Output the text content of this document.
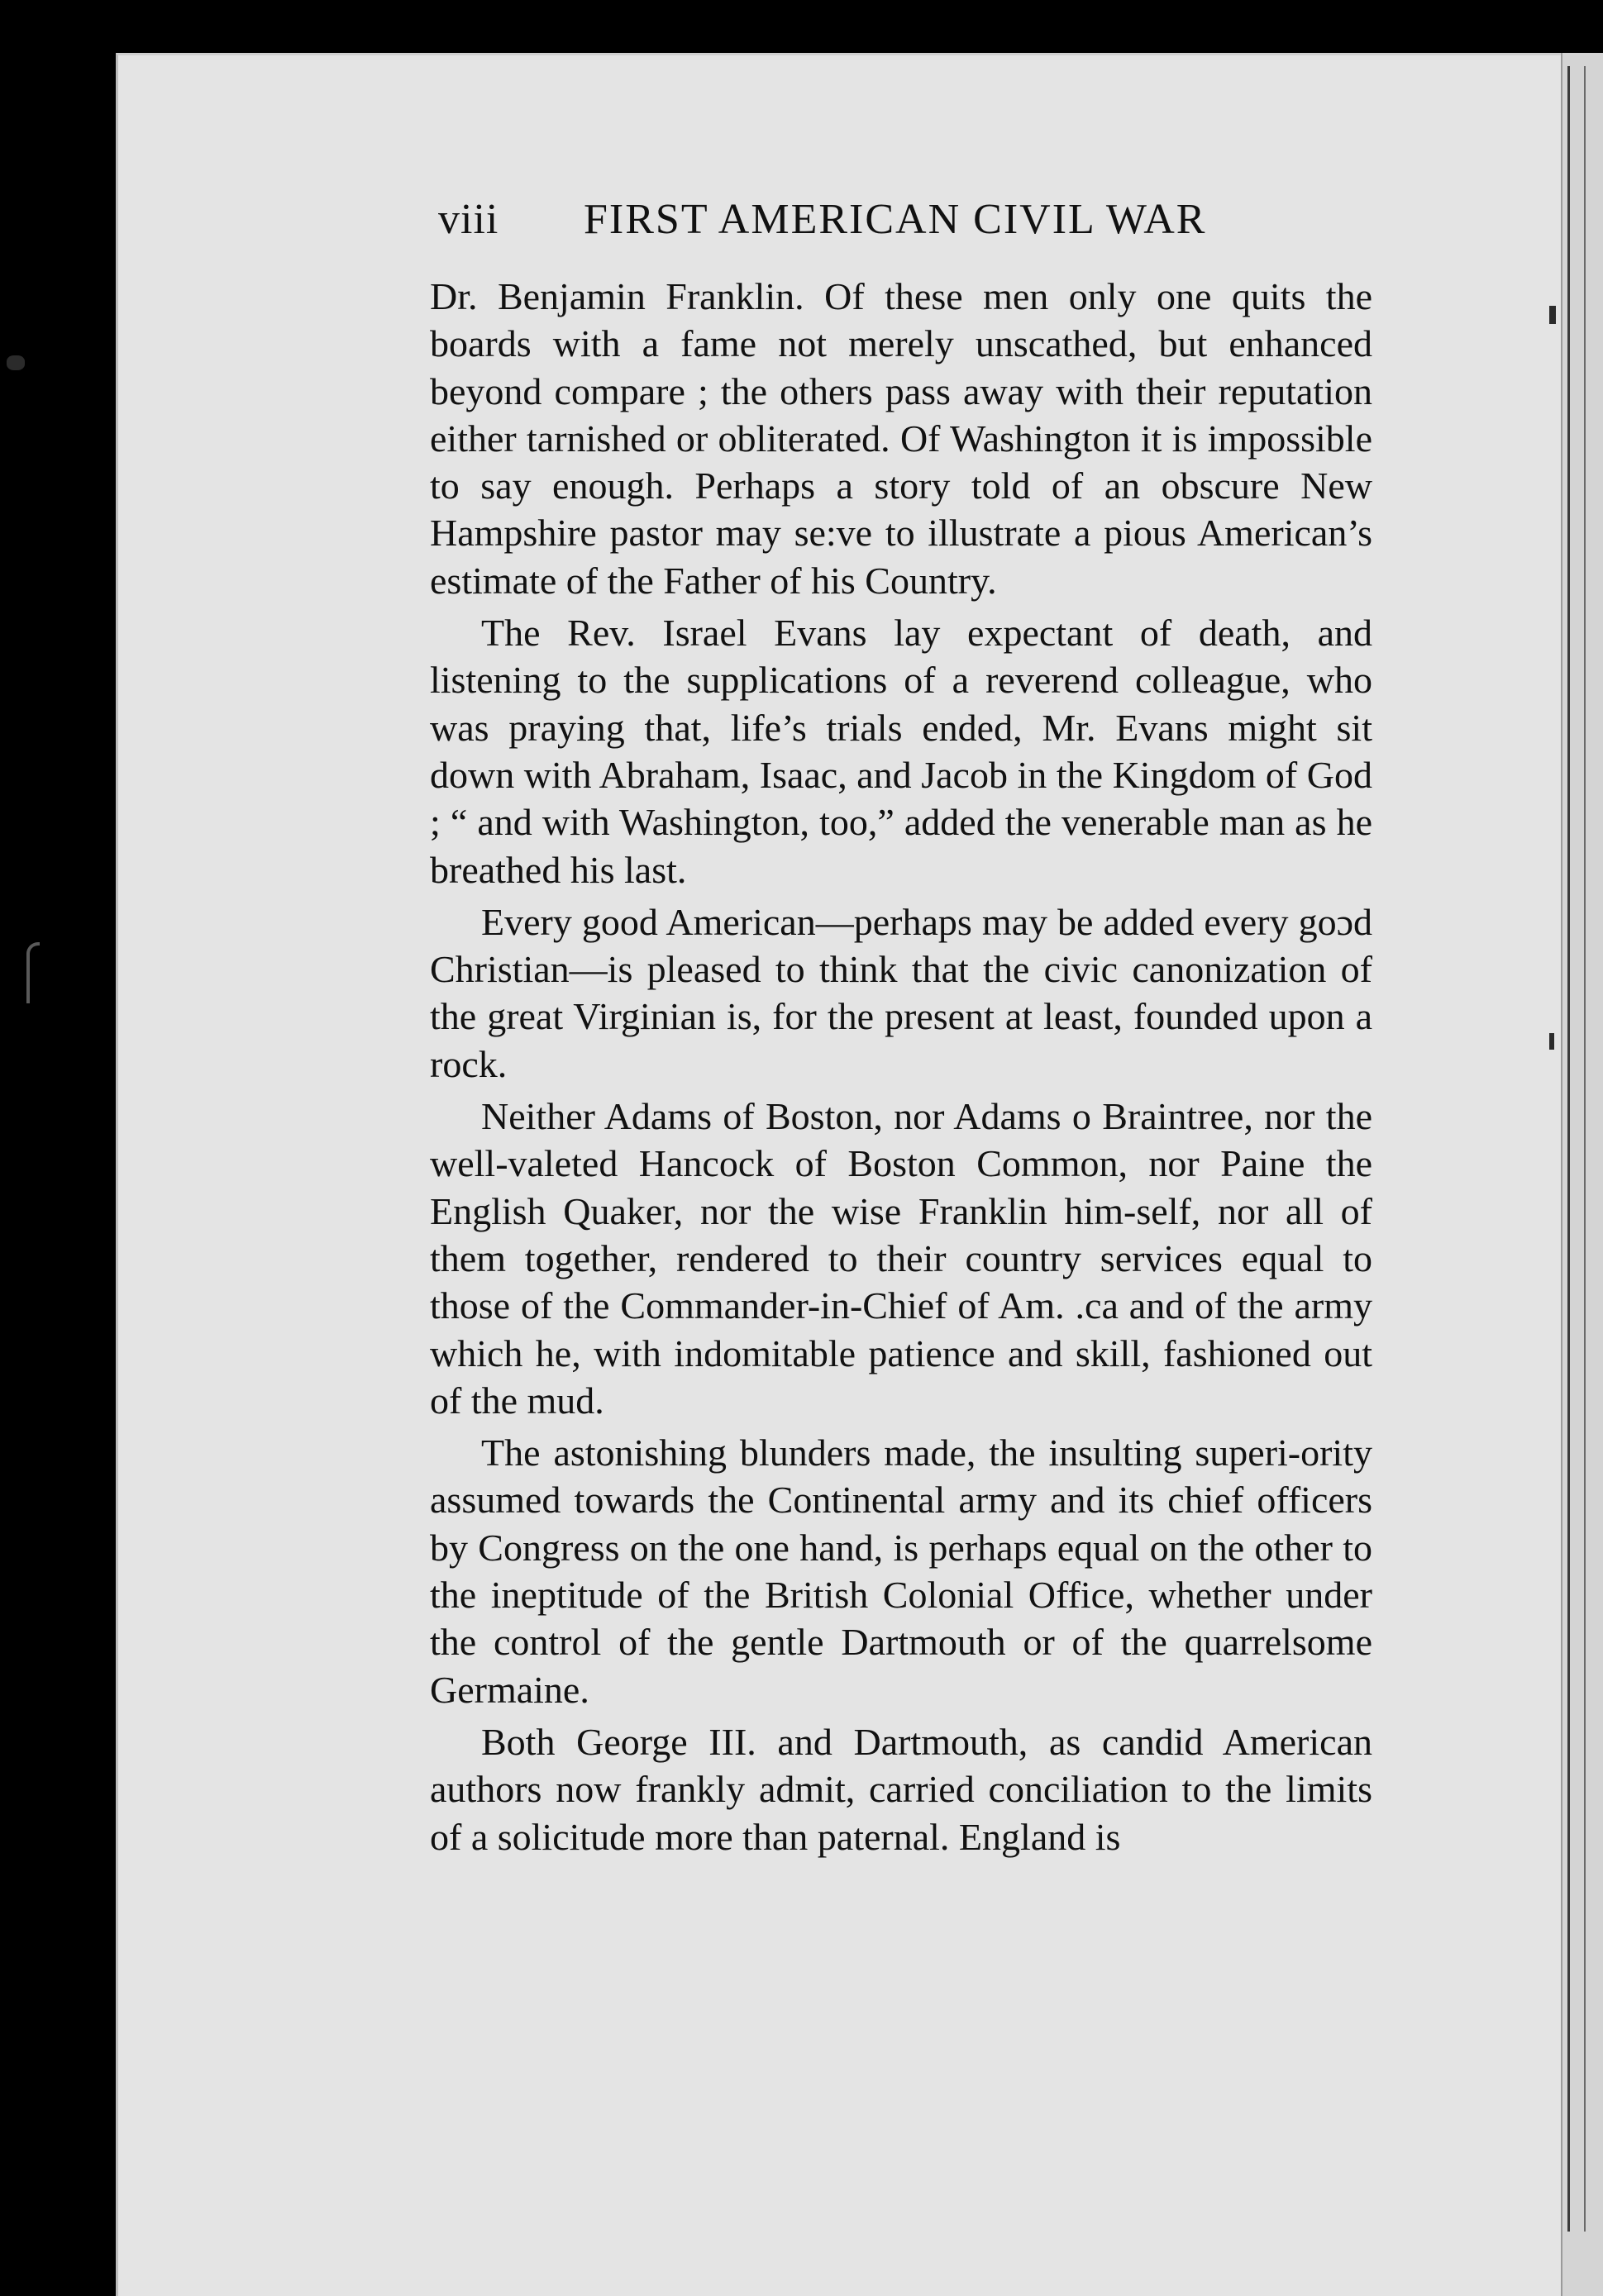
viii FIRST AMERICAN CIVIL WAR

Dr. Benjamin Franklin. Of these men only one quits the boards with a fame not merely unscathed, but enhanced beyond compare ; the others pass away with their reputation either tarnished or obliterated. Of Washington it is impossible to say enough. Perhaps a story told of an obscure New Hampshire pastor may se:ve to illustrate a pious American’s estimate of the Father of his Country.

The Rev. Israel Evans lay expectant of death, and listening to the supplications of a reverend colleague, who was praying that, life’s trials ended, Mr. Evans might sit down with Abraham, Isaac, and Jacob in the Kingdom of God ; “ and with Washington, too,” added the venerable man as he breathed his last.

Every good American—perhaps may be added every goɔd Christian—is pleased to think that the civic canonization of the great Virginian is, for the present at least, founded upon a rock.

Neither Adams of Boston, nor Adams o Braintree, nor the well-valeted Hancock of Boston Common, nor Paine the English Quaker, nor the wise Franklin him-self, nor all of them together, rendered to their country services equal to those of the Commander-in-Chief of Am. .ca and of the army which he, with indomitable patience and skill, fashioned out of the mud.

The astonishing blunders made, the insulting superi-ority assumed towards the Continental army and its chief officers by Congress on the one hand, is perhaps equal on the other to the ineptitude of the British Colonial Office, whether under the control of the gentle Dartmouth or of the quarrelsome Germaine.

Both George III. and Dartmouth, as candid American authors now frankly admit, carried conciliation to the limits of a solicitude more than paternal. England is
